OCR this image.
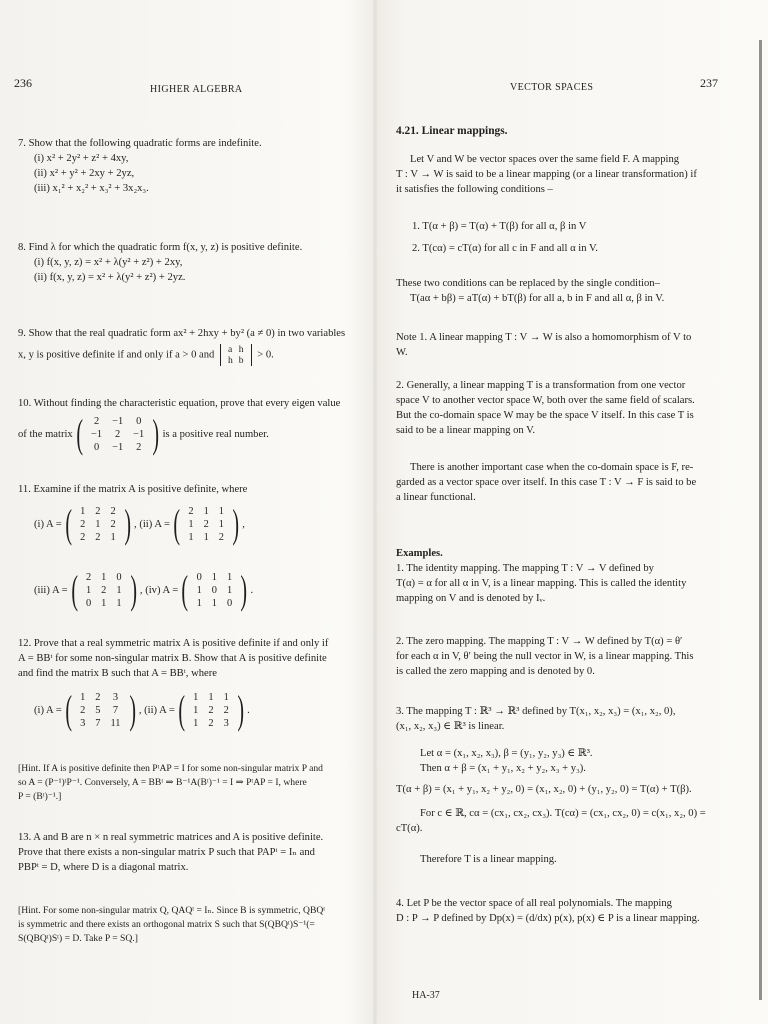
236	HIGHER ALGEBRA
7. Show that the following quadratic forms are indefinite.
(i) x² + 2y² + z² + 4xy,
(ii) x² + y² + 2xy + 2yz,
(iii) x₁² + x₂² + x₃² + 3x₂x₃.
8. Find λ for which the quadratic form f(x, y, z) is positive definite.
(i) f(x, y, z) = x² + λ(y² + z²) + 2xy,
(ii) f(x, y, z) = x² + λ(y² + z²) + 2yz.
9. Show that the real quadratic form ax² + 2hxy + by² (a ≠ 0) in two variables
x, y is positive definite if and only if a > 0 and a	h
h	b
> 0.
10. Without finding the characteristic equation, prove that every eigen value
of the matrix ( 2	−1	0
−1	2	−1
0	−1	2 ) is a positive real number.
11. Examine if the matrix A is positive definite, where
(i) A = ( 1	2	2
2	1	2
2	2	1 ) , (ii) A = ( 2	1	1
1	2	1
1	1	2 ) ,
(iii) A = ( 2	1	0
1	2	1
0	1	1 ) , (iv) A = ( 0	1	1
1	0	1
1	1	0 ) .
12. Prove that a real symmetric matrix A is positive definite if and only if
A = BBᵗ for some non-singular matrix B. Show that A is positive definite
and find the matrix B such that A = BBᵗ, where
(i) A = ( 1	2	3
2	5	7
3	7	11 ) , (ii) A = ( 1	1	1
1	2	2
1	2	3 ) .
[Hint. If A is positive definite then PᵗAP = I for some non-singular matrix P and
so A = (P⁻¹)ᵗP⁻¹. Conversely, A = BBᵗ ⇒ B⁻¹A(Bᵗ)⁻¹ = I ⇒ PᵗAP = I, where
P = (Bᵗ)⁻¹.]
13. A and B are n × n real symmetric matrices and A is positive definite.
Prove that there exists a non-singular matrix P such that PAPᵗ = Iₙ and
PBPᵗ = D, where D is a diagonal matrix.
[Hint. For some non-singular matrix Q, QAQᵗ = Iₙ. Since B is symmetric, QBQᵗ
is symmetric and there exists an orthogonal matrix S such that S(QBQᵗ)S⁻¹(=
S(QBQᵗ)Sᵗ) = D. Take P = SQ.]
VECTOR SPACES	237
4.21. Linear mappings.
Let V and W be vector spaces over the same field F. A mapping
T : V → W is said to be a linear mapping (or a linear transformation) if
it satisfies the following conditions –
1. T(α + β) = T(α) + T(β) for all α, β in V
2. T(cα) = cT(α) for all c in F and all α in V.
These two conditions can be replaced by the single condition–
T(aα + bβ) = aT(α) + bT(β) for all a, b in F and all α, β in V.
Note 1. A linear mapping T : V → W is also a homomorphism of V to
W.
2. Generally, a linear mapping T is a transformation from one vector
space V to another vector space W, both over the same field of scalars.
But the co-domain space W may be the space V itself. In this case T is
said to be a linear mapping on V.
There is another important case when the co-domain space is F, re-
garded as a vector space over itself. In this case T : V → F is said to be
a linear functional.
Examples.
1. The identity mapping. The mapping T : V → V defined by
T(α) = α for all α in V, is a linear mapping. This is called the identity
mapping on V and is denoted by Iᵥ.
2. The zero mapping. The mapping T : V → W defined by T(α) = θ′
for each α in V, θ′ being the null vector in W, is a linear mapping. This
is called the zero mapping and is denoted by 0.
3. The mapping T : ℝ³ → ℝ³ defined by T(x₁, x₂, x₃) = (x₁, x₂, 0),
(x₁, x₂, x₃) ∈ ℝ³ is linear.
Let α = (x₁, x₂, x₃), β = (y₁, y₂, y₃) ∈ ℝ³.
Then α + β = (x₁ + y₁, x₂ + y₂, x₃ + y₃).
T(α + β) = (x₁ + y₁, x₂ + y₂, 0) = (x₁, x₂, 0) + (y₁, y₂, 0) = T(α) + T(β).
For c ∈ ℝ, cα = (cx₁, cx₂, cx₃). T(cα) = (cx₁, cx₂, 0) = c(x₁, x₂, 0) =
cT(α).
Therefore T is a linear mapping.
4. Let P be the vector space of all real polynomials. The mapping
D : P → P defined by Dp(x) = (d/dx) p(x), p(x) ∈ P is a linear mapping.
HA-37
